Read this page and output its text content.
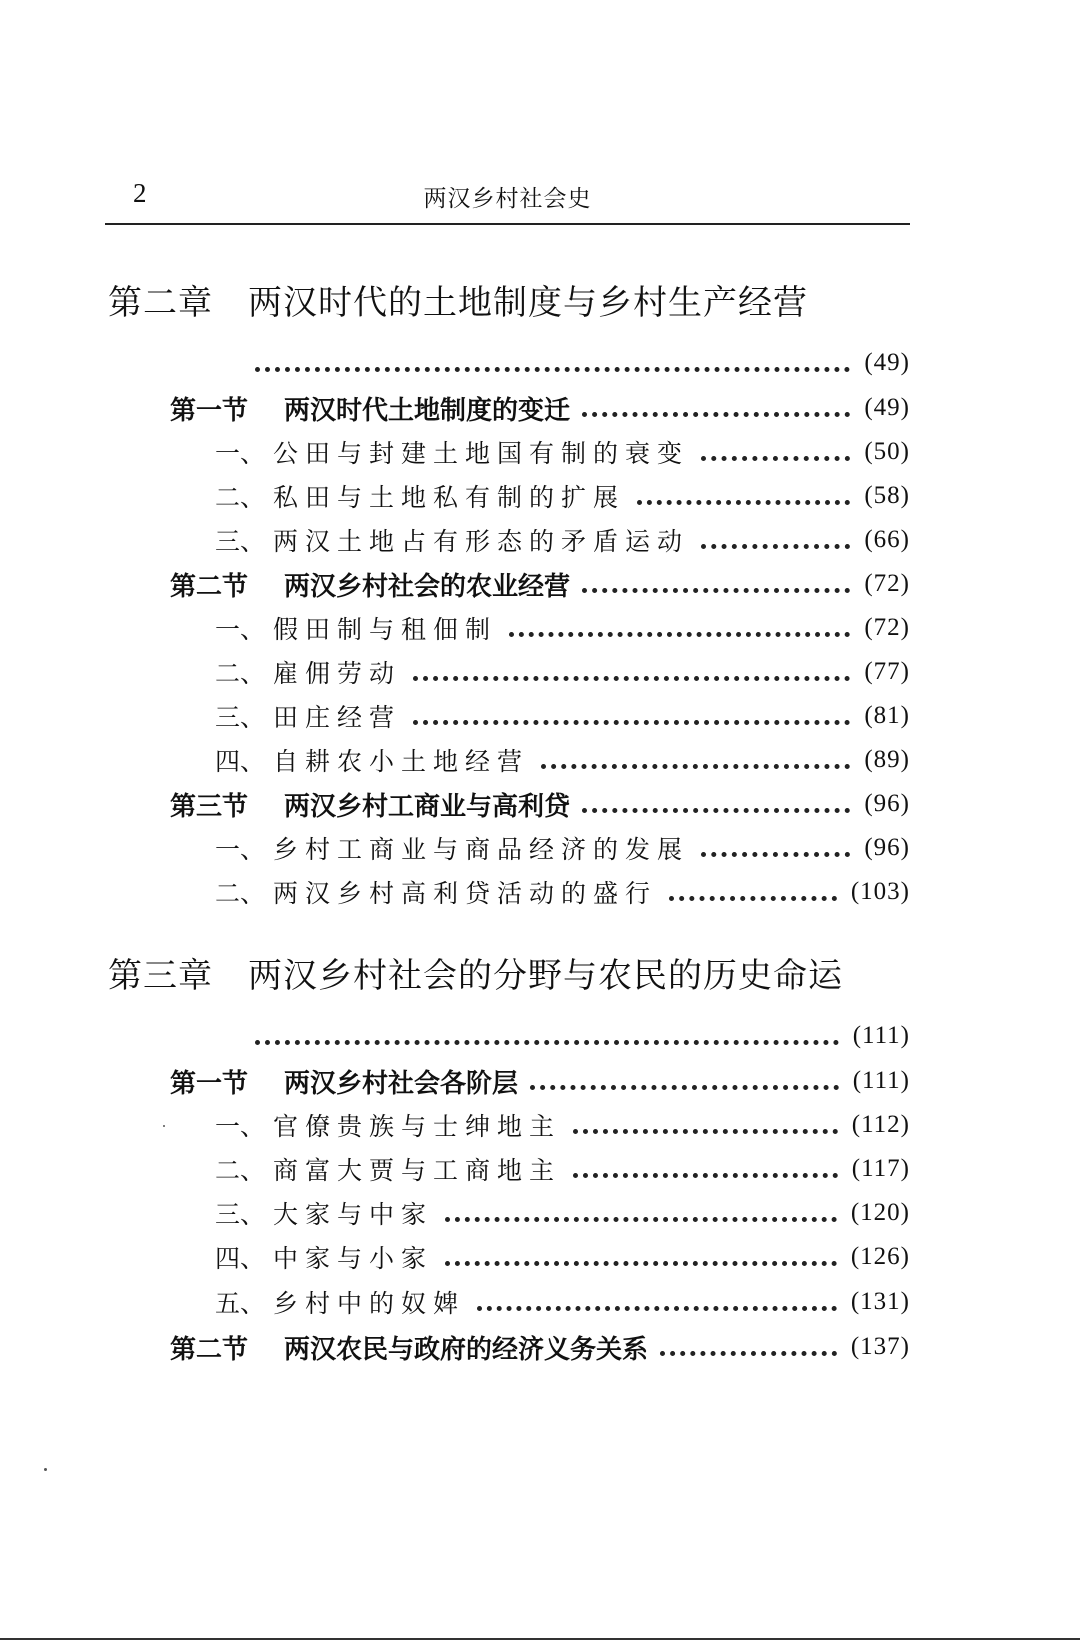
2	两汉乡村社会史
第二章 两汉时代的土地制度与乡村生产经营
(49)
第一节 两汉时代土地制度的变迁	(49)
一、 公田与封建土地国有制的衰变	(50)
二、 私田与土地私有制的扩展	(58)
三、 两汉土地占有形态的矛盾运动	(66)
第二节 两汉乡村社会的农业经营	(72)
一、 假田制与租佃制	(72)
二、 雇佣劳动	(77)
三、 田庄经营	(81)
四、 自耕农小土地经营	(89)
第三节 两汉乡村工商业与高利贷	(96)
一、 乡村工商业与商品经济的发展	(96)
二、 两汉乡村高利贷活动的盛行	(103)
第三章 两汉乡村社会的分野与农民的历史命运
(111)
第一节 两汉乡村社会各阶层	(111)
一、 官僚贵族与士绅地主	(112)
二、 商富大贾与工商地主	(117)
三、 大家与中家	(120)
四、 中家与小家	(126)
五、 乡村中的奴婢	(131)
第二节 两汉农民与政府的经济义务关系	(137)
